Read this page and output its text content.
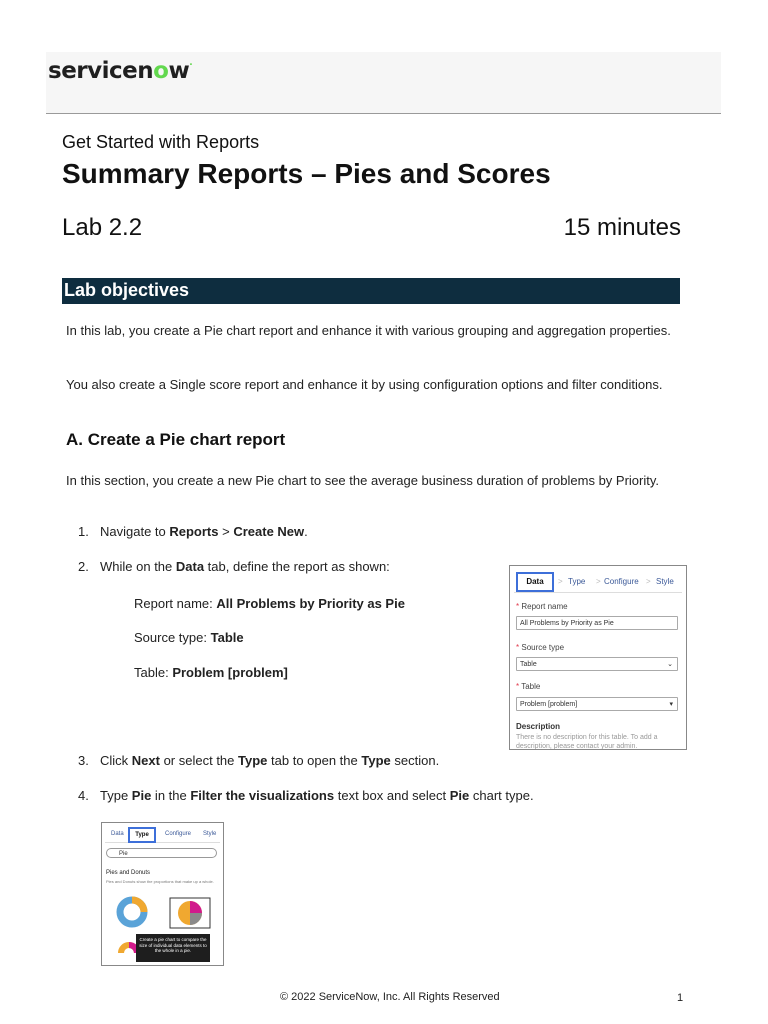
servicenow.
Get Started with Reports
Summary Reports – Pies and Scores
Lab 2.2	15 minutes
Lab objectives
In this lab, you create a Pie chart report and enhance it with various grouping and aggregation properties.
You also create a Single score report and enhance it by using configuration options and filter conditions.
A. Create a Pie chart report
In this section, you create a new Pie chart to see the average business duration of problems by Priority.
1. Navigate to Reports > Create New.
2. While on the Data tab, define the report as shown:
Report name: All Problems by Priority as Pie
Source type: Table
Table: Problem [problem]
Data	> Type > Configure > Style
* Report name
All Problems by Priority as Pie
* Source type
Table	⌄
* Table
Problem [problem]	▾
Description
There is no description for this table. To add a description, please contact your admin.
3. Click Next or select the Type tab to open the Type section.
4. Type Pie in the Filter the visualizations text box and select Pie chart type.
Data	Type	Configure Style
Pie
Pies and Donuts
Pies and Donuts show the proportions that make up a whole.
Create a pie chart to compare the size of individual data elements to the whole in a pie.
© 2022 ServiceNow, Inc. All Rights Reserved	1
